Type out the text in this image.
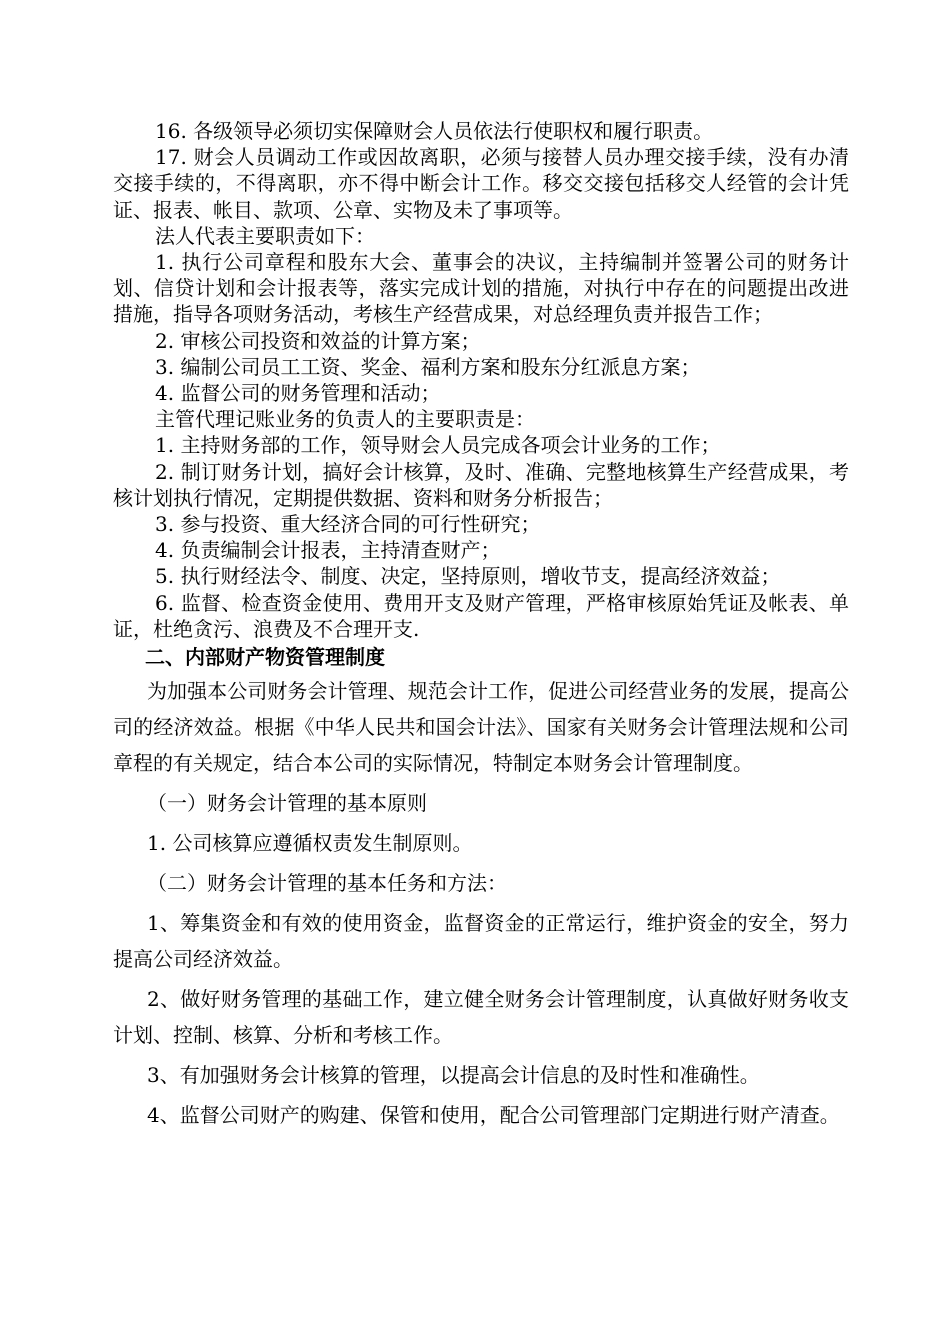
16. 各级领导必须切实保障财会人员依法行使职权和履行职责。

17. 财会人员调动工作或因故离职，必须与接替人员办理交接手续，没有办清交接手续的，不得离职，亦不得中断会计工作。移交交接包括移交人经管的会计凭证、报表、帐目、款项、公章、实物及未了事项等。

法人代表主要职责如下：

1. 执行公司章程和股东大会、董事会的决议，主持编制并签署公司的财务计划、信贷计划和会计报表等，落实完成计划的措施，对执行中存在的问题提出改进措施，指导各项财务活动，考核生产经营成果，对总经理负责并报告工作；

2. 审核公司投资和效益的计算方案；

3. 编制公司员工工资、奖金、福利方案和股东分红派息方案；

4. 监督公司的财务管理和活动；

主管代理记账业务的负责人的主要职责是：

1. 主持财务部的工作，领导财会人员完成各项会计业务的工作；

2. 制订财务计划，搞好会计核算，及时、准确、完整地核算生产经营成果，考核计划执行情况，定期提供数据、资料和财务分析报告；

3. 参与投资、重大经济合同的可行性研究；

4. 负责编制会计报表，主持清查财产；

5. 执行财经法令、制度、决定，坚持原则，增收节支，提高经济效益；

6. 监督、检查资金使用、费用开支及财产管理，严格审核原始凭证及帐表、单证，杜绝贪污、浪费及不合理开支.

二、内部财产物资管理制度

为加强本公司财务会计管理、规范会计工作，促进公司经营业务的发展，提高公司的经济效益。根据《中华人民共和国会计法》、国家有关财务会计管理法规和公司章程的有关规定，结合本公司的实际情况，特制定本财务会计管理制度。

（一）财务会计管理的基本原则

1. 公司核算应遵循权责发生制原则。

（二）财务会计管理的基本任务和方法：

1、筹集资金和有效的使用资金，监督资金的正常运行，维护资金的安全，努力提高公司经济效益。

2、做好财务管理的基础工作，建立健全财务会计管理制度，认真做好财务收支计划、控制、核算、分析和考核工作。

3、有加强财务会计核算的管理，以提高会计信息的及时性和准确性。

4、监督公司财产的购建、保管和使用，配合公司管理部门定期进行财产清查。
